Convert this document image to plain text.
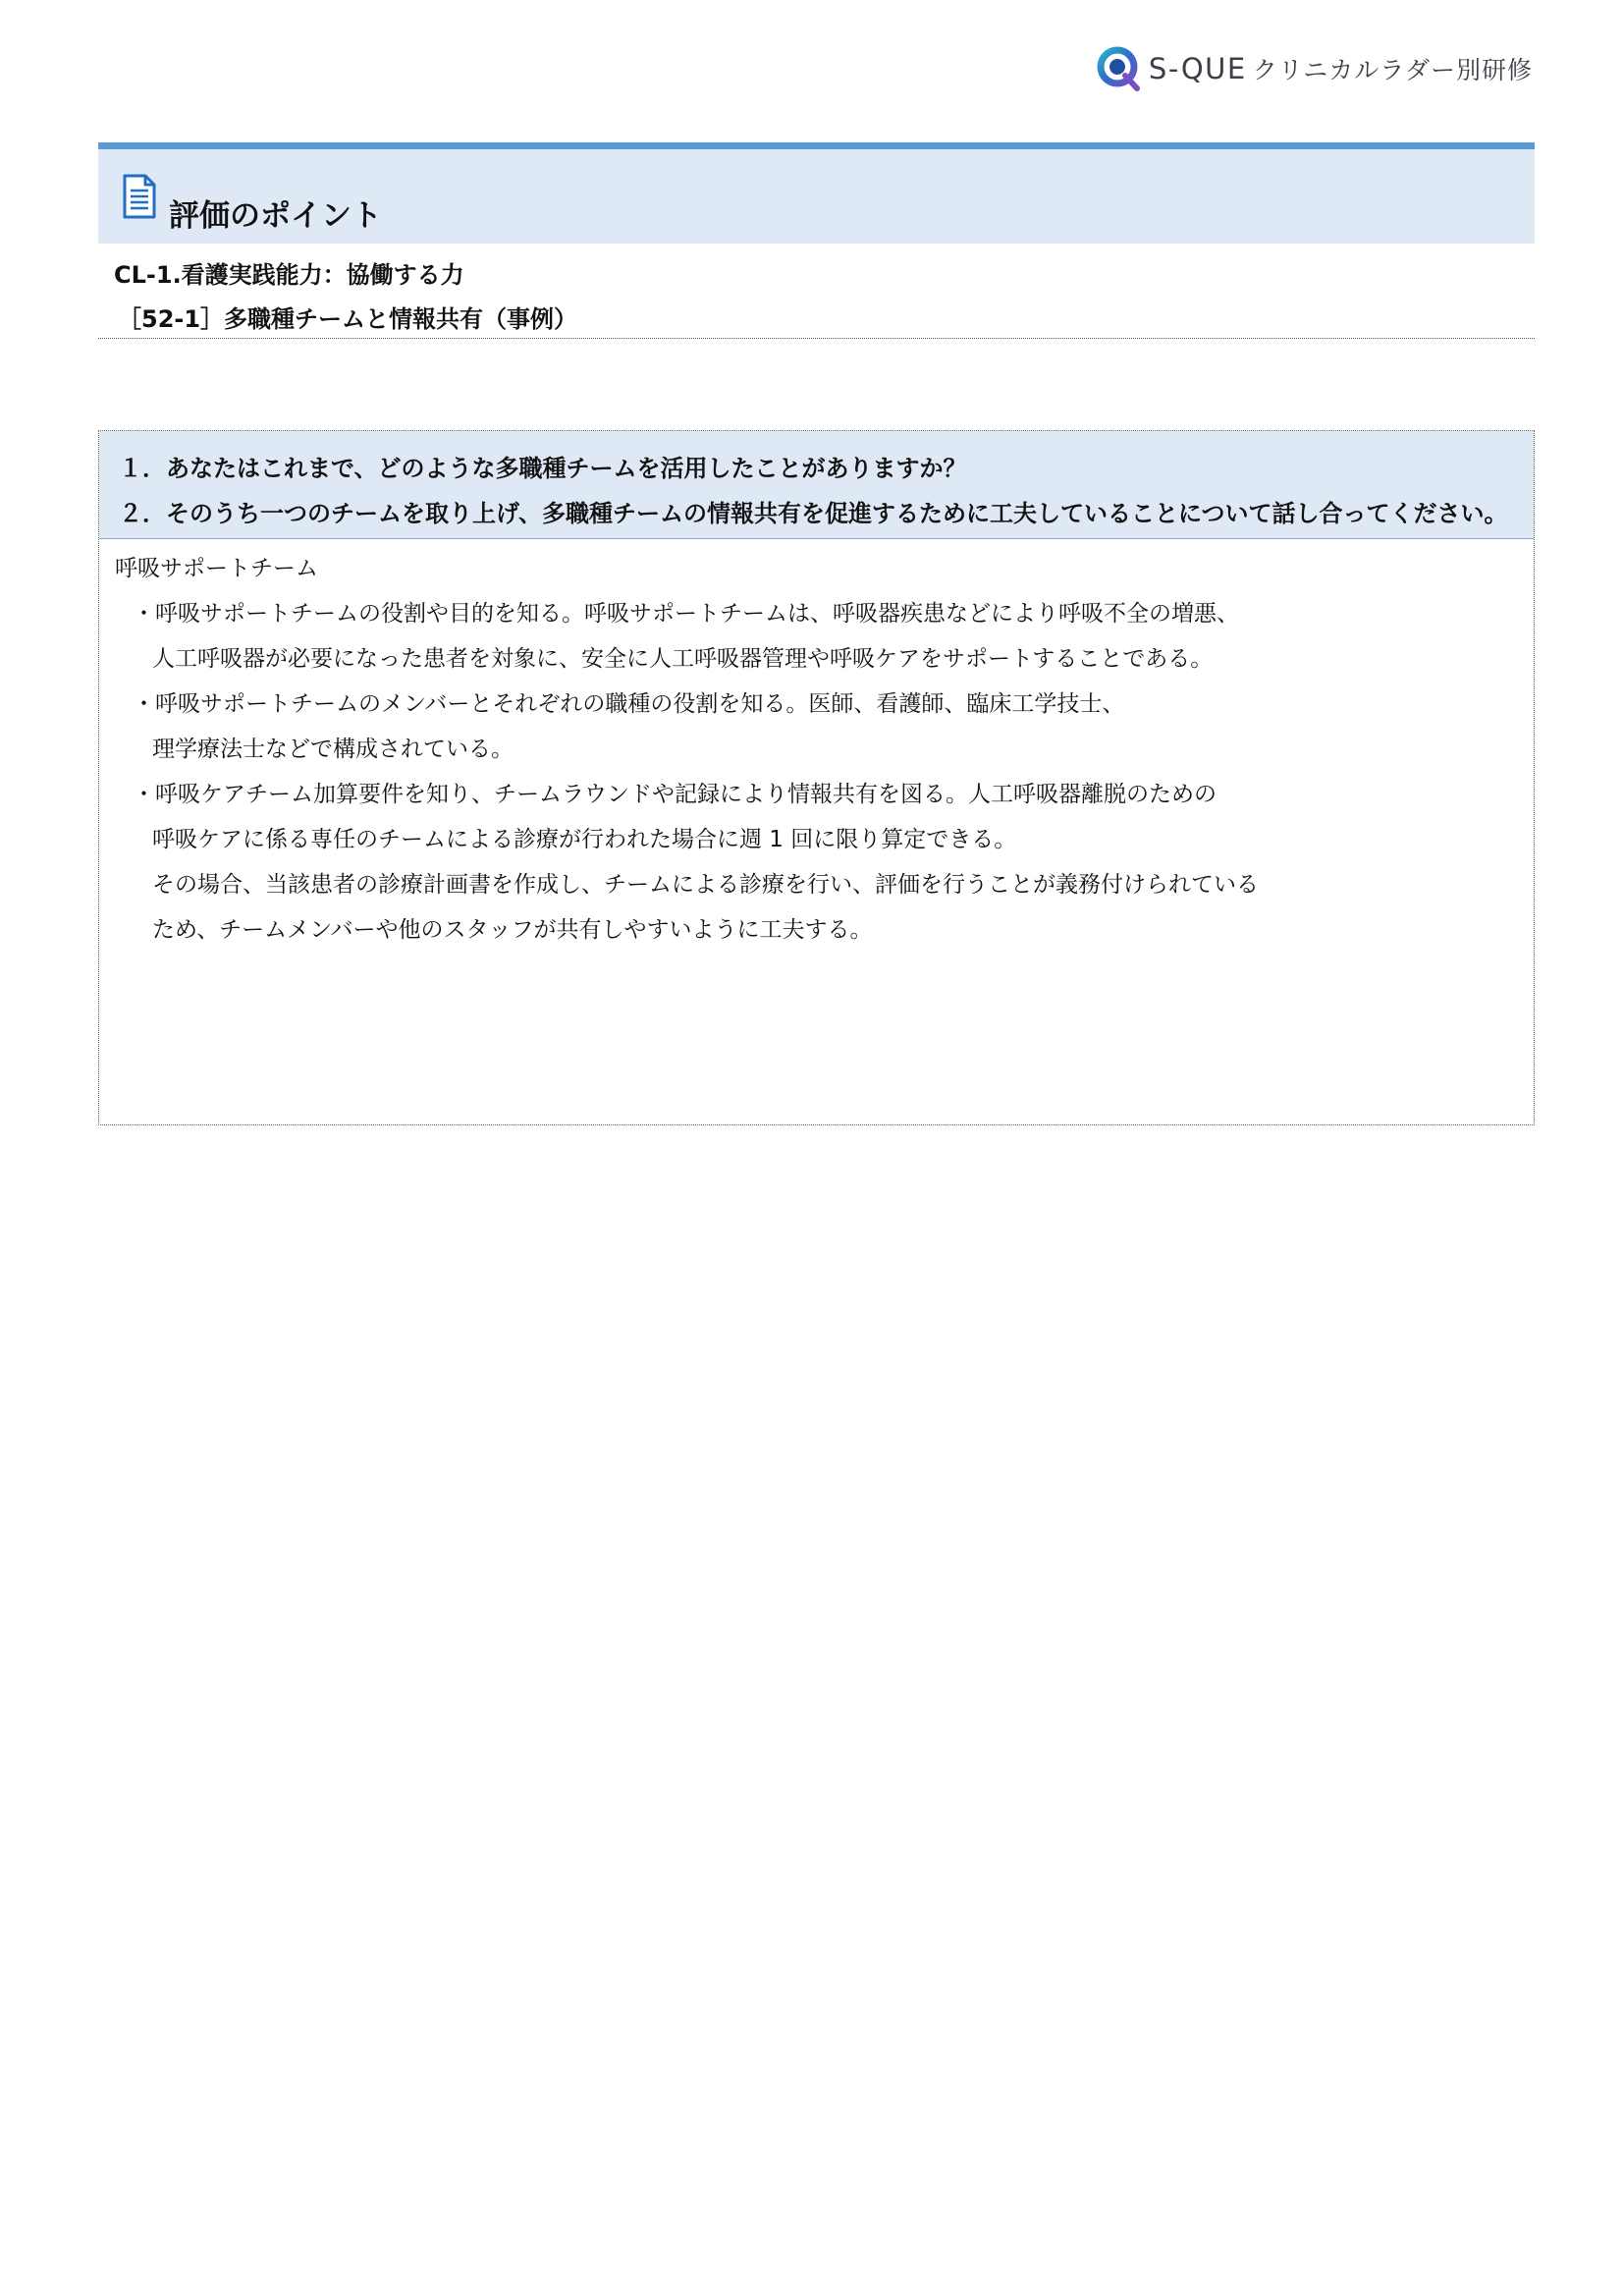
S-QUE クリニカルラダー別研修
評価のポイント
CL-1.看護実践能力：協働する力
［52-1］多職種チームと情報共有（事例）
１．あなたはこれまで、どのような多職種チームを活用したことがありますか？
２．そのうち一つのチームを取り上げ、多職種チームの情報共有を促進するために工夫していることについて話し合ってください。
呼吸サポートチーム
・呼吸サポートチームの役割や目的を知る。呼吸サポートチームは、呼吸器疾患などにより呼吸不全の増悪、
人工呼吸器が必要になった患者を対象に、安全に人工呼吸器管理や呼吸ケアをサポートすることである。
・呼吸サポートチームのメンバーとそれぞれの職種の役割を知る。医師、看護師、臨床工学技士、
理学療法士などで構成されている。
・呼吸ケアチーム加算要件を知り、チームラウンドや記録により情報共有を図る。人工呼吸器離脱のための
呼吸ケアに係る専任のチームによる診療が行われた場合に週 1 回に限り算定できる。
その場合、当該患者の診療計画書を作成し、チームによる診療を行い、評価を行うことが義務付けられている
ため、チームメンバーや他のスタッフが共有しやすいように工夫する。
